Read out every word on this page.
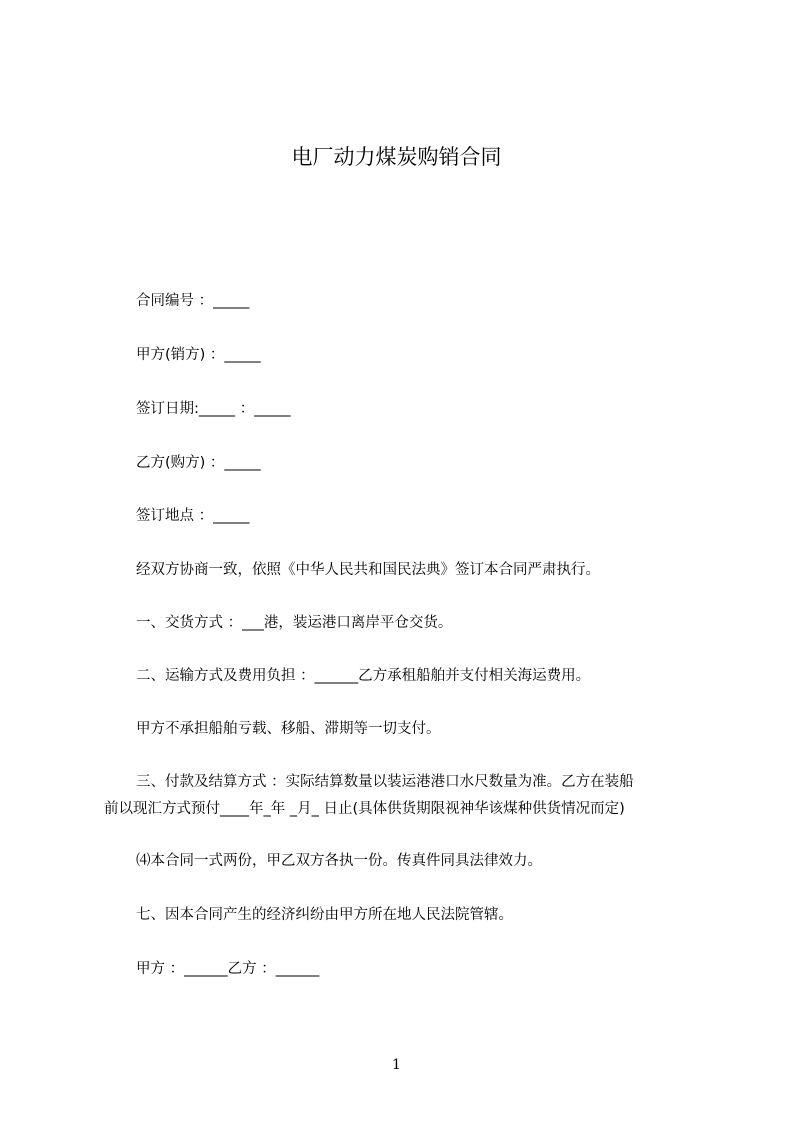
电厂动力煤炭购销合同
合同编号 ：_____
甲方(销方) ：_____
签订日期:_____ ：_____
乙方(购方) ：_____
签订地点 ：_____
经双方协商一致，依照《中华人民共和国民法典》签订本合同严肃执行。
一、交货方式 ：___港，装运港口离岸平仓交货。
二、运输方式及费用负担 ：______乙方承租船舶并支付相关海运费用。
甲方不承担船舶亏载、移船、滞期等一切支付。
三、付款及结算方式 ：实际结算数量以装运港港口水尺数量为准。乙方在装船
前以现汇方式预付____年_年 _月_ 日止(具体供货期限视神华该煤种供货情况而定)
⑷本合同一式两份，甲乙双方各执一份。传真件同具法律效力。
七、因本合同产生的经济纠纷由甲方所在地人民法院管辖。
甲方 ：______乙方 ：______
1
